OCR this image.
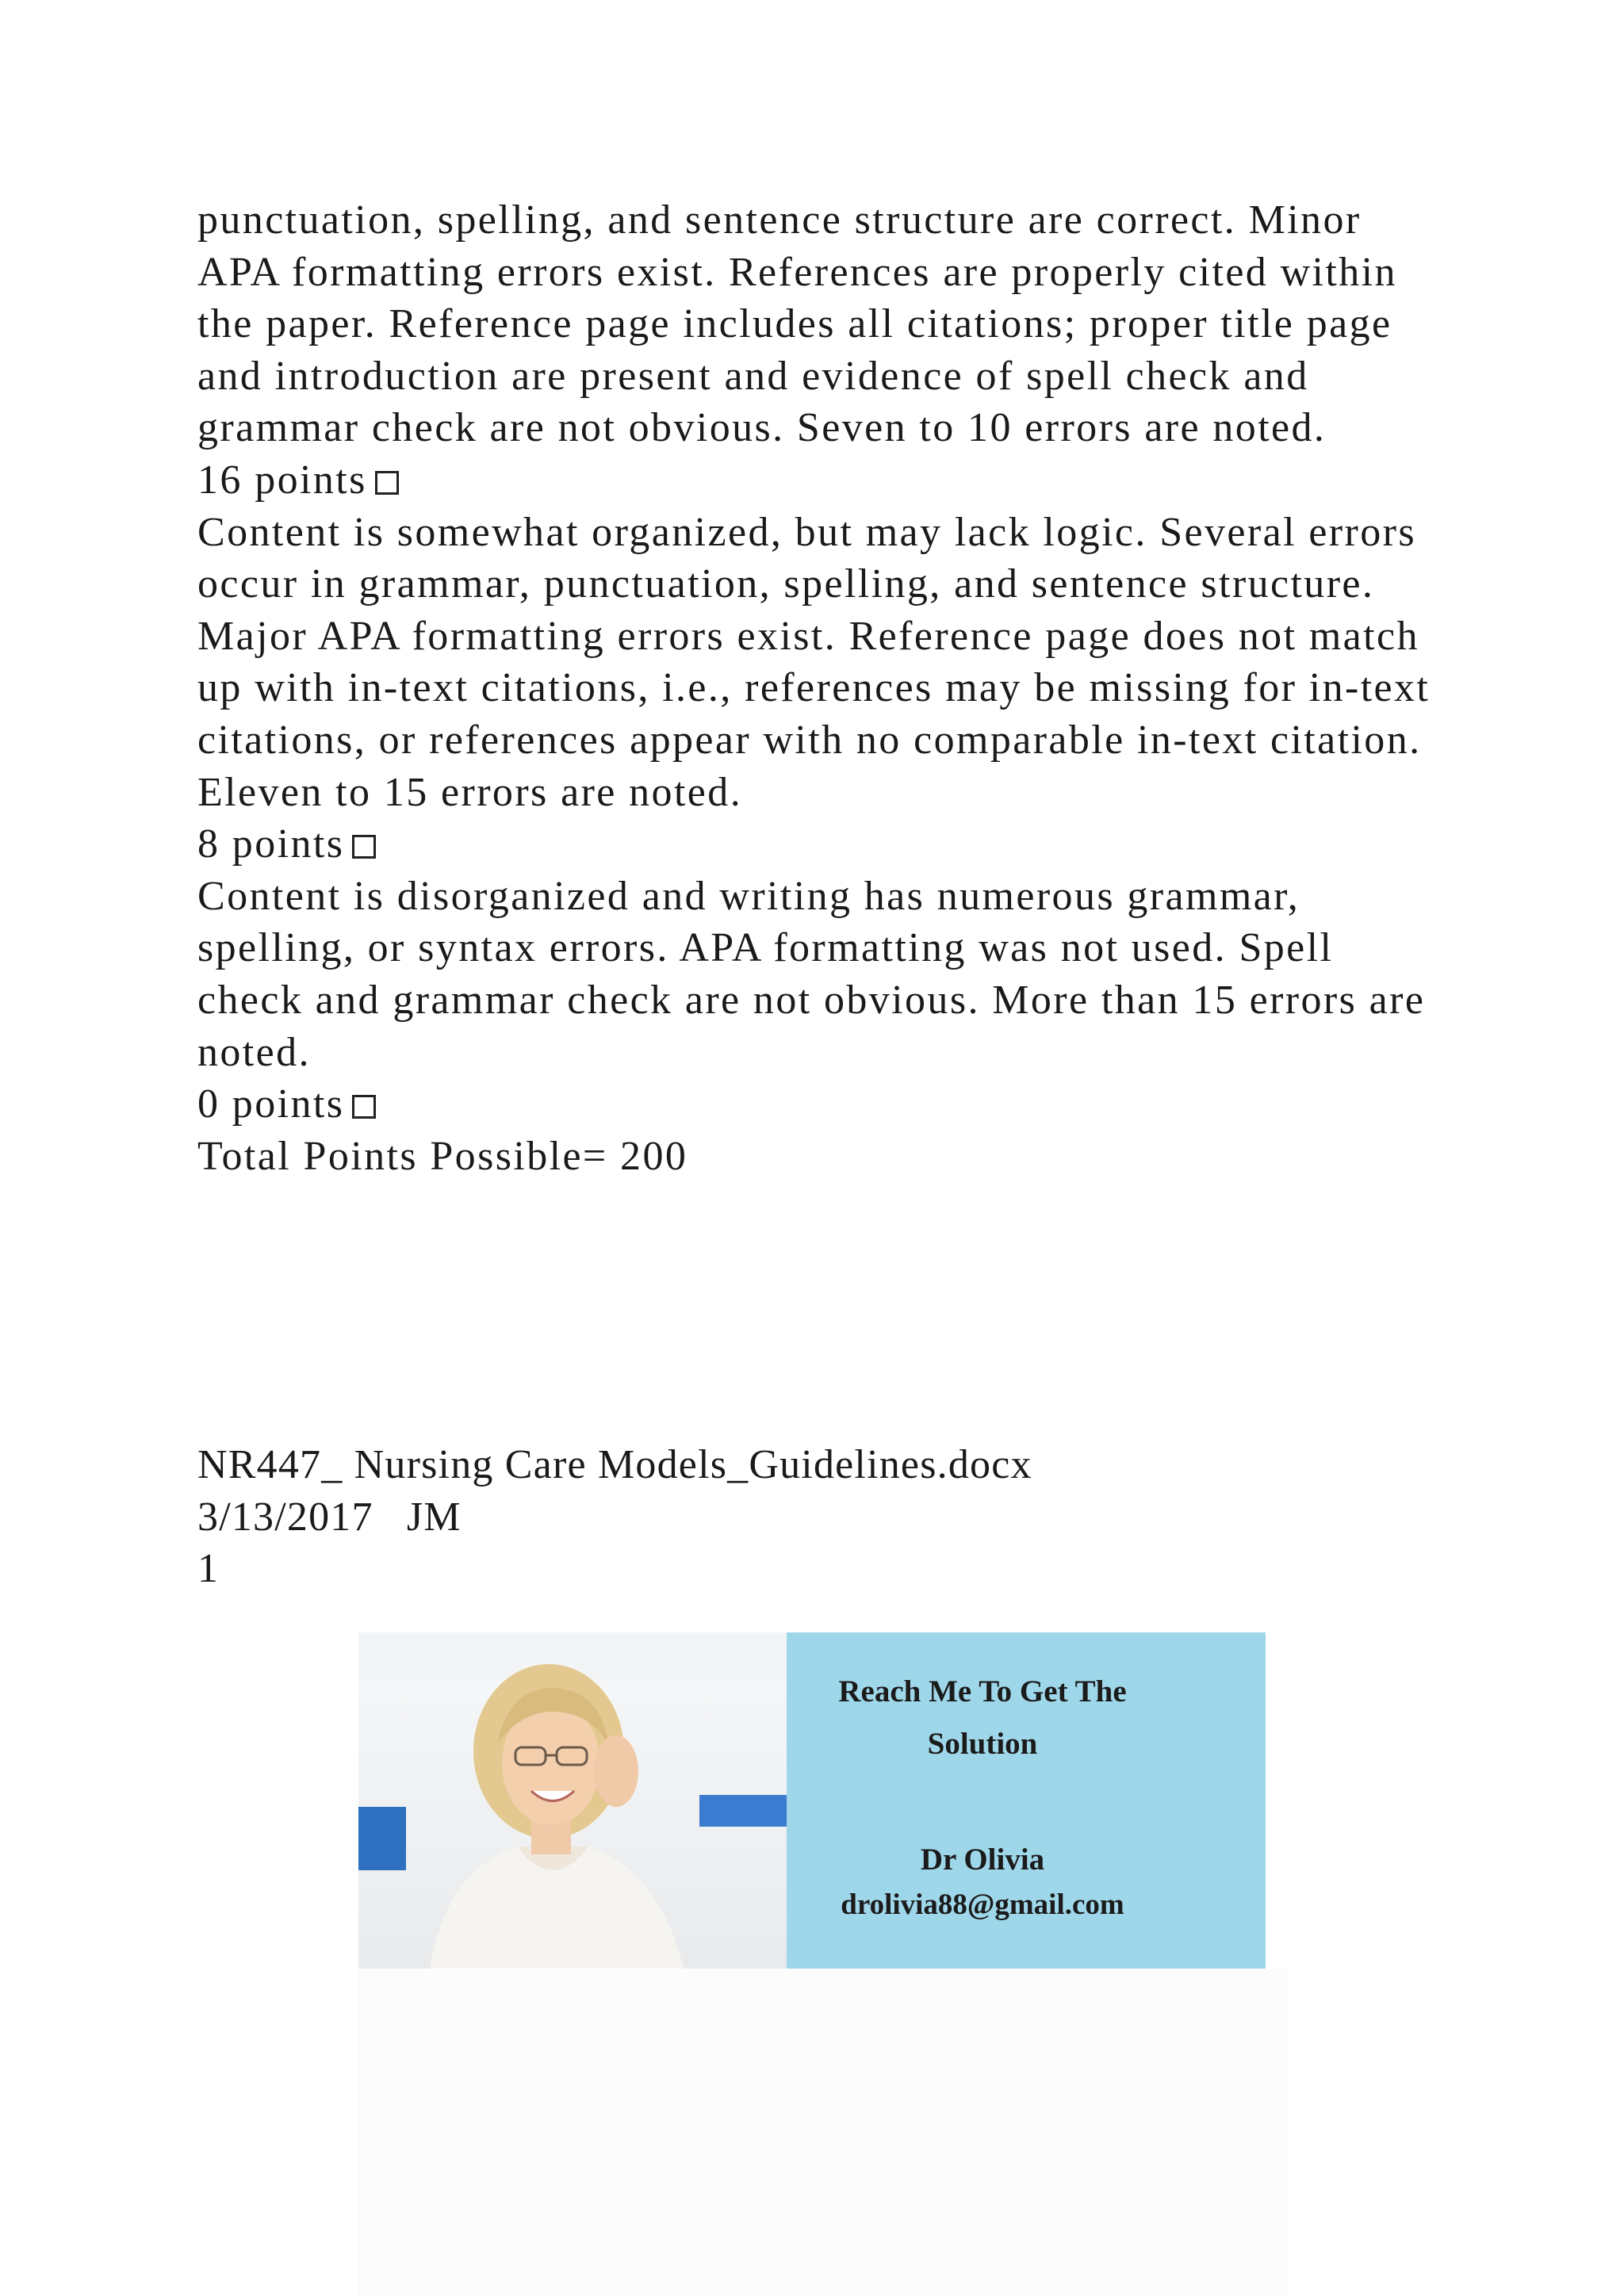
punctuation, spelling, and sentence structure are correct. Minor APA formatting errors exist. References are properly cited within the paper. Reference page includes all citations; proper title page and introduction are present and evidence of spell check and grammar check are not obvious. Seven to 10 errors are noted.

16 points

Content is somewhat organized, but may lack logic. Several errors occur in grammar, punctuation, spelling, and sentence structure. Major APA formatting errors exist. Reference page does not match up with in-text citations, i.e., references may be missing for in-text citations, or references appear with no comparable in-text citation.

Eleven to 15 errors are noted.

8 points

Content is disorganized and writing has numerous grammar, spelling, or syntax errors. APA formatting was not used. Spell check and grammar check are not obvious. More than 15 errors are noted.

0 points

Total Points Possible= 200

NR447_ Nursing Care Models_Guidelines.docx

3/13/2017 JM

1

Reach Me To Get The
Solution
Dr Olivia
drolivia88@gmail.com
